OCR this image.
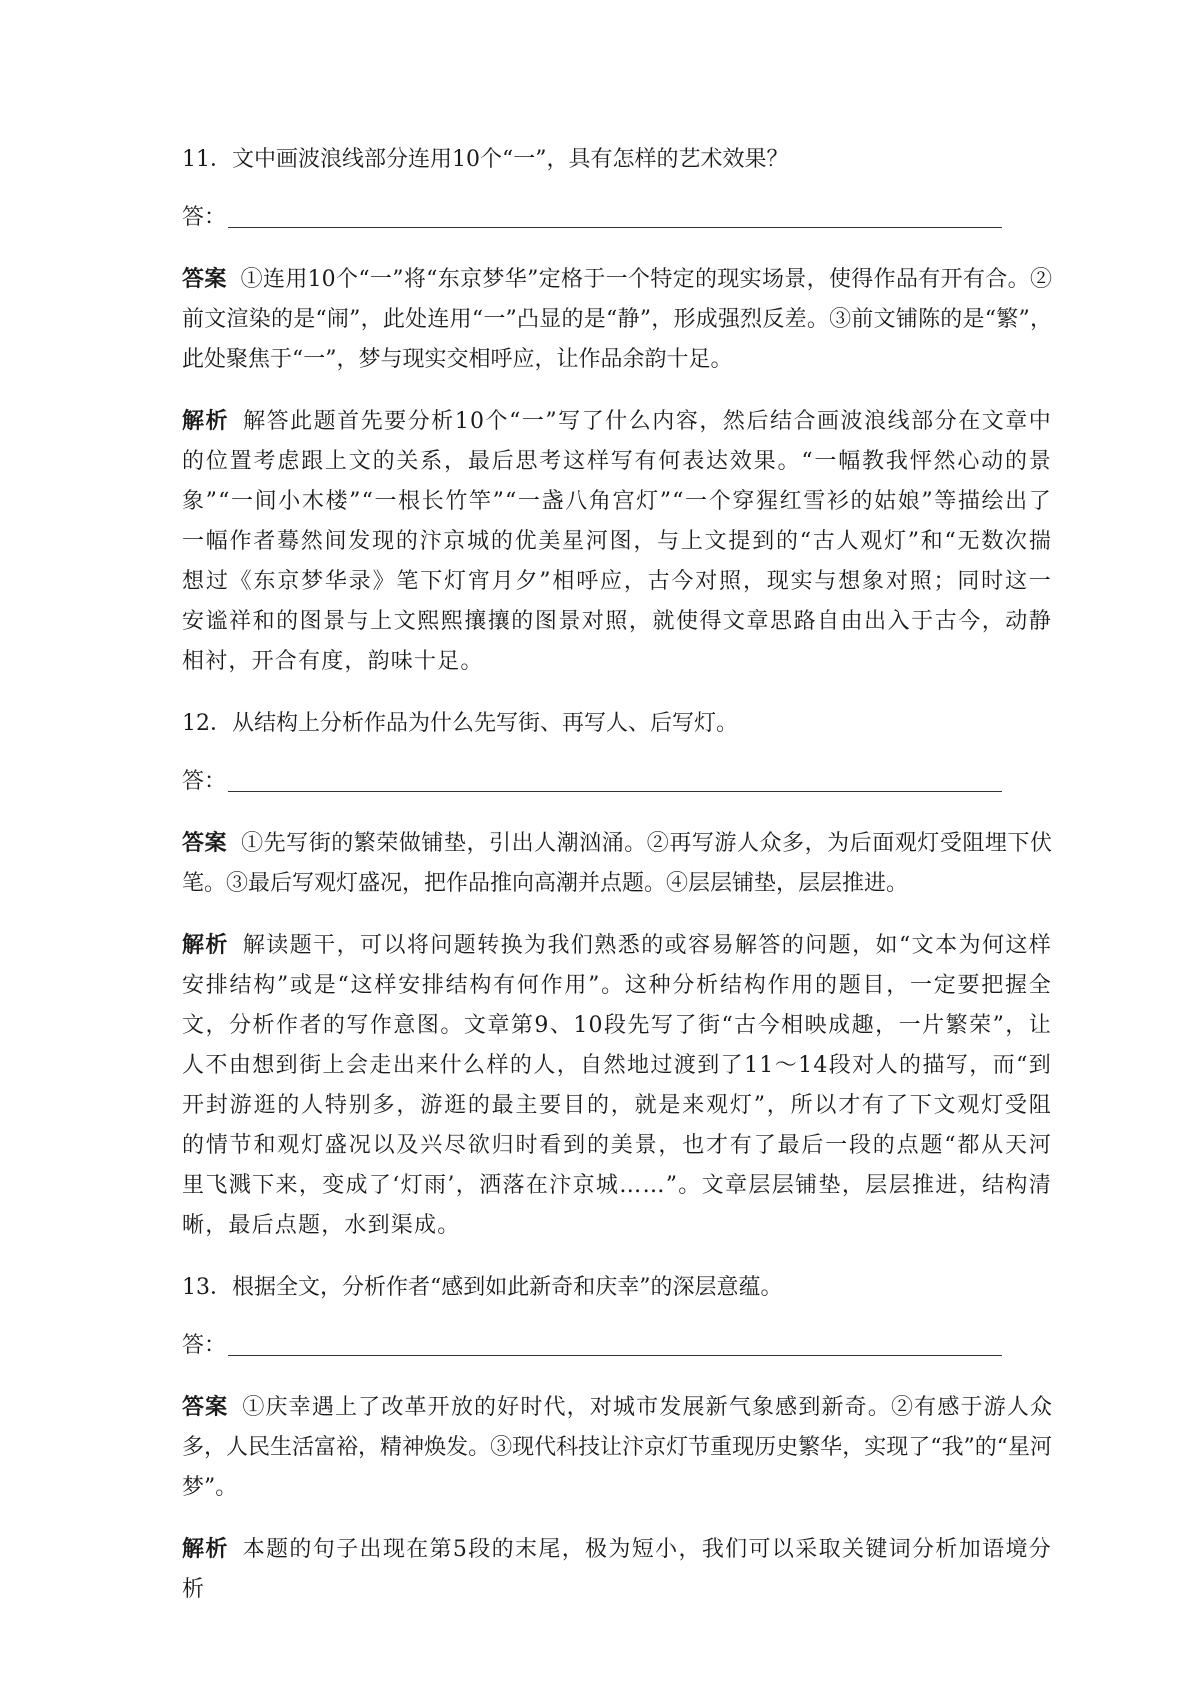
11．文中画波浪线部分连用10个“一”，具有怎样的艺术效果？

答：

答案 ①连用10个“一”将“东京梦华”定格于一个特定的现实场景，使得作品有开有合。②前文渲染的是“闹”，此处连用“一”凸显的是“静”，形成强烈反差。③前文铺陈的是“繁”，此处聚焦于“一”，梦与现实交相呼应，让作品余韵十足。

解析 解答此题首先要分析10个“一”写了什么内容，然后结合画波浪线部分在文章中的位置考虑跟上文的关系，最后思考这样写有何表达效果。“一幅教我怦然心动的景象”“一间小木楼”“一根长竹竿”“一盏八角宫灯”“一个穿猩红雪衫的姑娘”等描绘出了一幅作者蓦然间发现的汴京城的优美星河图，与上文提到的“古人观灯”和“无数次揣想过《东京梦华录》笔下灯宵月夕”相呼应，古今对照，现实与想象对照；同时这一安谧祥和的图景与上文熙熙攘攘的图景对照，就使得文章思路自由出入于古今，动静相衬，开合有度，韵味十足。

12．从结构上分析作品为什么先写街、再写人、后写灯。

答：

答案 ①先写街的繁荣做铺垫，引出人潮汹涌。②再写游人众多，为后面观灯受阻埋下伏笔。③最后写观灯盛况，把作品推向高潮并点题。④层层铺垫，层层推进。

解析 解读题干，可以将问题转换为我们熟悉的或容易解答的问题，如“文本为何这样安排结构”或是“这样安排结构有何作用”。这种分析结构作用的题目，一定要把握全文，分析作者的写作意图。文章第9、10段先写了街“古今相映成趣，一片繁荣”，让人不由想到街上会走出来什么样的人，自然地过渡到了11～14段对人的描写，而“到开封游逛的人特别多，游逛的最主要目的，就是来观灯”，所以才有了下文观灯受阻的情节和观灯盛况以及兴尽欲归时看到的美景，也才有了最后一段的点题“都从天河里飞溅下来，变成了‘灯雨’，洒落在汴京城……”。文章层层铺垫，层层推进，结构清晰，最后点题，水到渠成。

13．根据全文，分析作者“感到如此新奇和庆幸”的深层意蕴。

答：

答案 ①庆幸遇上了改革开放的好时代，对城市发展新气象感到新奇。②有感于游人众多，人民生活富裕，精神焕发。③现代科技让汴京灯节重现历史繁华，实现了“我”的“星河梦”。

解析 本题的句子出现在第5段的末尾，极为短小，我们可以采取关键词分析加语境分析
